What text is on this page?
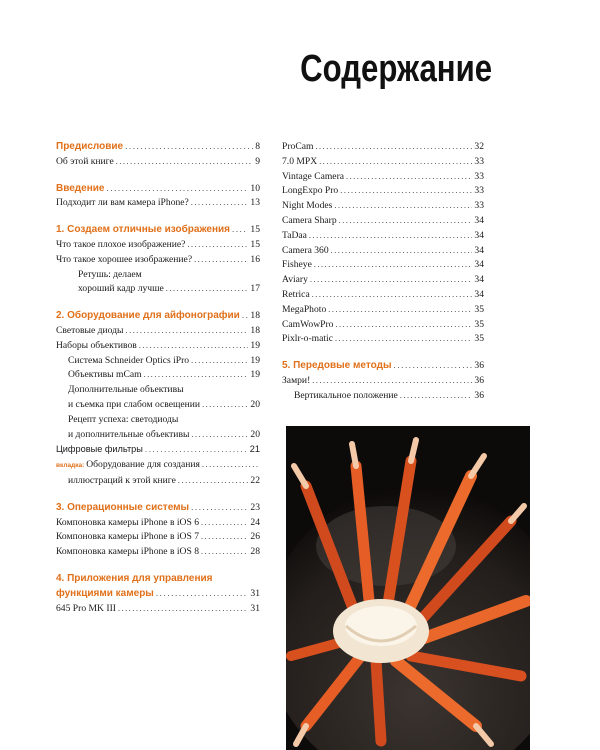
Содержание
Предисловие .....	8
Об этой книге .....	9
Введение .....	10
Подходит ли вам камера iPhone? .....	13
1. Создаем отличные изображения ..... 15
Что такое плохое изображение? .....	15
Что такое хорошее изображение? .....	16
Ретушь: делаем
хороший кадр лучше .....	17
2. Оборудование для айфонографии ..... 18
Световые диоды .....	18
Наборы объективов .....	19
Система Schneider Optics iPro .....	19
Объективы mCam .....	19
Дополнительные объективы
и съемка при слабом освещении .....	20
Рецепт успеха: светодиоды
и дополнительные объективы .....	20
Цифровые фильтры .....	21
вкладка: Оборудование для создания
.....
иллюстраций к этой книге .....	22
3. Операционные системы .....	23
Компоновка камеры iPhone в iOS 6 .....	24
Компоновка камеры iPhone в iOS 7 .....	26
Компоновка камеры iPhone в iOS 8 .....	28
4. Приложения для управления
функциями камеры .....	31
645 Pro MK III .....	31
ProCam .....	32
7.0 MPX .....	33
Vintage Camera .....	33
LongExpo Pro .....	33
Night Modes .....	33
Camera Sharp .....	34
TaDaa .....	34
Camera 360 .....	34
Fisheye .....	34
Aviary .....	34
Retrica .....	34
MegaPhoto .....	35
CamWowPro .....	35
Pixlr-o-matic .....	35
5. Передовые методы .....	36
Замри! .....	36
Вертикальное положение .....	36
